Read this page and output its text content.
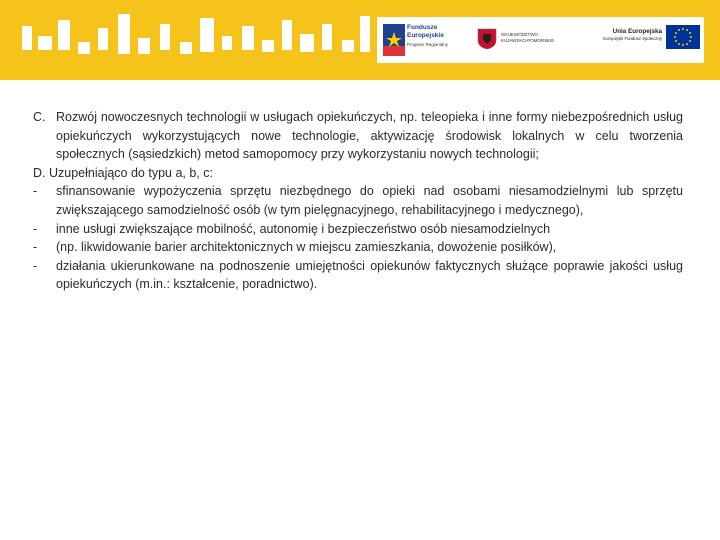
Fundusze
Europejskie
Program Regionalny
WOJEWÓDZTWO
KUJAWSKO-POMORSKIE
Unia Europejska
Europejski Fundusz Społeczny
C. Rozwój nowoczesnych technologii w usługach opiekuńczych, np. teleopieka i inne formy niebezpośrednich usług opiekuńczych wykorzystujących nowe technologie, aktywizację środowisk lokalnych w celu tworzenia społecznych (sąsiedzkich) metod samopomocy przy wykorzystaniu nowych technologii;
D. Uzupełniająco do typu a, b, c:
-	sfinansowanie wypożyczenia sprzętu niezbędnego do opieki nad osobami niesamodzielnymi lub sprzętu zwiększającego samodzielność osób (w tym pielęgnacyjnego, rehabilitacyjnego i medycznego),
-	inne usługi zwiększające mobilność, autonomię i bezpieczeństwo osób niesamodzielnych
-	(np. likwidowanie barier architektonicznych w miejscu zamieszkania, dowożenie posiłków),
-	działania ukierunkowane na podnoszenie umiejętności opiekunów faktycznych służące poprawie jakości usług opiekuńczych (m.in.: kształcenie, poradnictwo).
